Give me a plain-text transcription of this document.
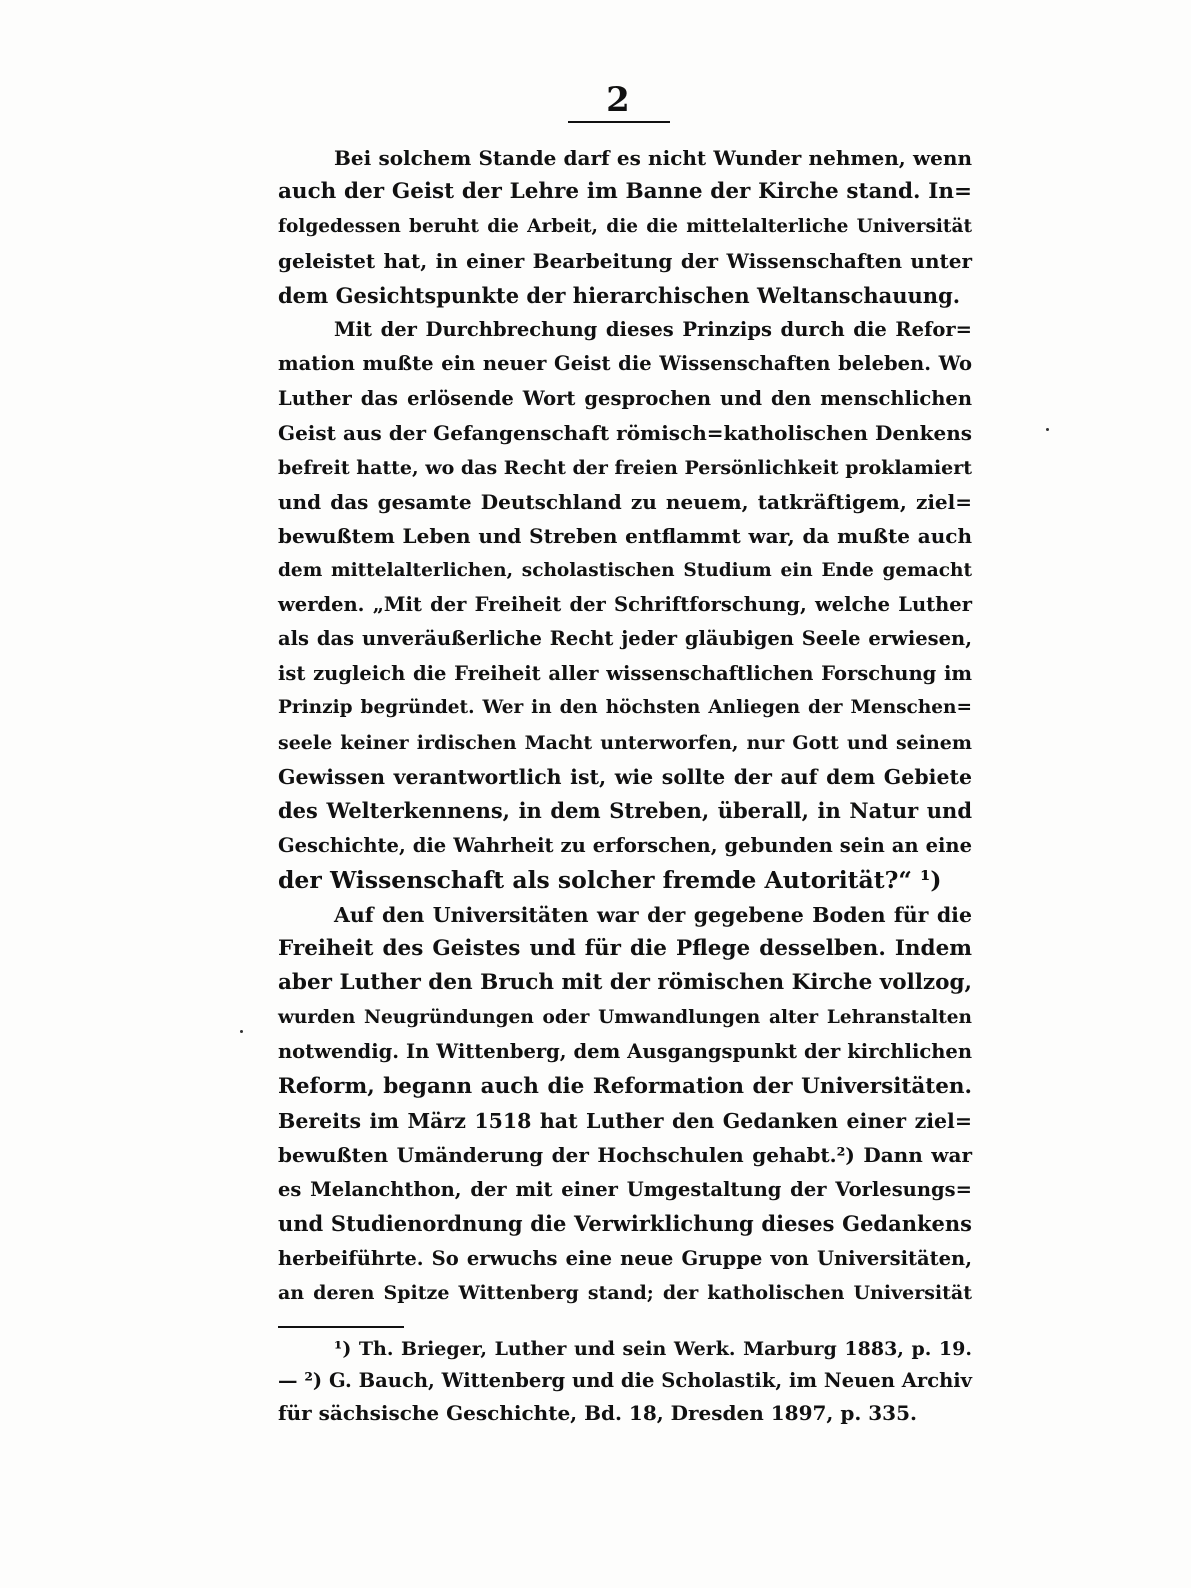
2
Bei solchem Stande darf es nicht Wunder nehmen, wenn
auch der Geist der Lehre im Banne der Kirche stand. In=
folgedessen beruht die Arbeit, die die mittelalterliche Universität
geleistet hat, in einer Bearbeitung der Wissenschaften unter
dem Gesichtspunkte der hierarchischen Weltanschauung.
Mit der Durchbrechung dieses Prinzips durch die Refor=
mation mußte ein neuer Geist die Wissenschaften beleben. Wo
Luther das erlösende Wort gesprochen und den menschlichen
Geist aus der Gefangenschaft römisch=katholischen Denkens
befreit hatte, wo das Recht der freien Persönlichkeit proklamiert
und das gesamte Deutschland zu neuem, tatkräftigem, ziel=
bewußtem Leben und Streben entflammt war, da mußte auch
dem mittelalterlichen, scholastischen Studium ein Ende gemacht
werden. „Mit der Freiheit der Schriftforschung, welche Luther
als das unveräußerliche Recht jeder gläubigen Seele erwiesen,
ist zugleich die Freiheit aller wissenschaftlichen Forschung im
Prinzip begründet. Wer in den höchsten Anliegen der Menschen=
seele keiner irdischen Macht unterworfen, nur Gott und seinem
Gewissen verantwortlich ist, wie sollte der auf dem Gebiete
des Welterkennens, in dem Streben, überall, in Natur und
Geschichte, die Wahrheit zu erforschen, gebunden sein an eine
der Wissenschaft als solcher fremde Autorität?“ ¹)
Auf den Universitäten war der gegebene Boden für die
Freiheit des Geistes und für die Pflege desselben. Indem
aber Luther den Bruch mit der römischen Kirche vollzog,
wurden Neugründungen oder Umwandlungen alter Lehranstalten
notwendig. In Wittenberg, dem Ausgangspunkt der kirchlichen
Reform, begann auch die Reformation der Universitäten.
Bereits im März 1518 hat Luther den Gedanken einer ziel=
bewußten Umänderung der Hochschulen gehabt.²) Dann war
es Melanchthon, der mit einer Umgestaltung der Vorlesungs=
und Studienordnung die Verwirklichung dieses Gedankens
herbeiführte. So erwuchs eine neue Gruppe von Universitäten,
an deren Spitze Wittenberg stand; der katholischen Universität
¹) Th. Brieger, Luther und sein Werk. Marburg 1883, p. 19.
— ²) G. Bauch, Wittenberg und die Scholastik, im Neuen Archiv
für sächsische Geschichte, Bd. 18, Dresden 1897, p. 335.
